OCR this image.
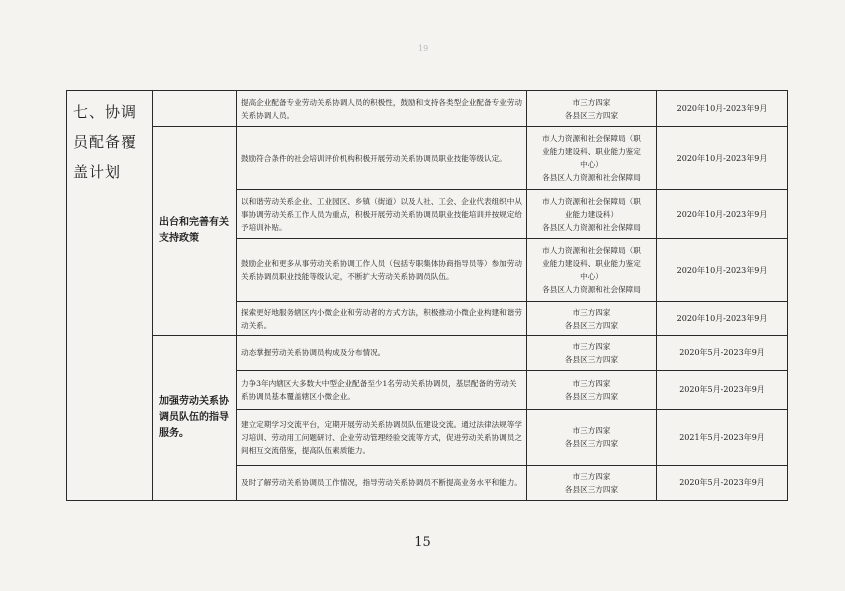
19
七、协调员配备覆盖计划		提高企业配备专业劳动关系协调人员的积极性，鼓励和支持各类型企业配备专业劳动关系协调人员。	市三方四家
各县区三方四家	2020年10月-2023年9月
	出台和完善有关支持政策	鼓励符合条件的社会培训评价机构积极开展劳动关系协调员职业技能等级认定。	市人力资源和社会保障局（职
业能力建设科、职业能力鉴定
中心）
各县区人力资源和社会保障局	2020年10月-2023年9月
		以和谐劳动关系企业、工业园区、乡镇（街道）以及人社、工会、企业代表组织中从事协调劳动关系工作人员为重点，积极开展劳动关系协调员职业技能培训并按规定给予培训补贴。	市人力资源和社会保障局（职
业能力建设科）
各县区人力资源和社会保障局	2020年10月-2023年9月
		鼓励企业和更多从事劳动关系协调工作人员（包括专职集体协商指导员等）参加劳动关系协调员职业技能等级认定，不断扩大劳动关系协调员队伍。	市人力资源和社会保障局（职
业能力建设科、职业能力鉴定
中心）
各县区人力资源和社会保障局	2020年10月-2023年9月
		探索更好地服务辖区内小微企业和劳动者的方式方法，积极推动小微企业构建和谐劳动关系。	市三方四家
各县区三方四家	2020年10月-2023年9月
	加强劳动关系协调员队伍的指导服务。	动态掌握劳动关系协调员构成及分布情况。	市三方四家
各县区三方四家	2020年5月-2023年9月
		力争3年内辖区大多数大中型企业配备至少1名劳动关系协调员，基层配备的劳动关系协调员基本覆盖辖区小微企业。	市三方四家
各县区三方四家	2020年5月-2023年9月
		建立定期学习交流平台，定期开展劳动关系协调员队伍建设交流。通过法律法规等学习培训、劳动用工问题研讨、企业劳动管理经验交流等方式，促进劳动关系协调员之间相互交流借鉴，提高队伍素质能力。	市三方四家
各县区三方四家	2021年5月-2023年9月
		及时了解劳动关系协调员工作情况，指导劳动关系协调员不断提高业务水平和能力。	市三方四家
各县区三方四家	2020年5月-2023年9月
15
